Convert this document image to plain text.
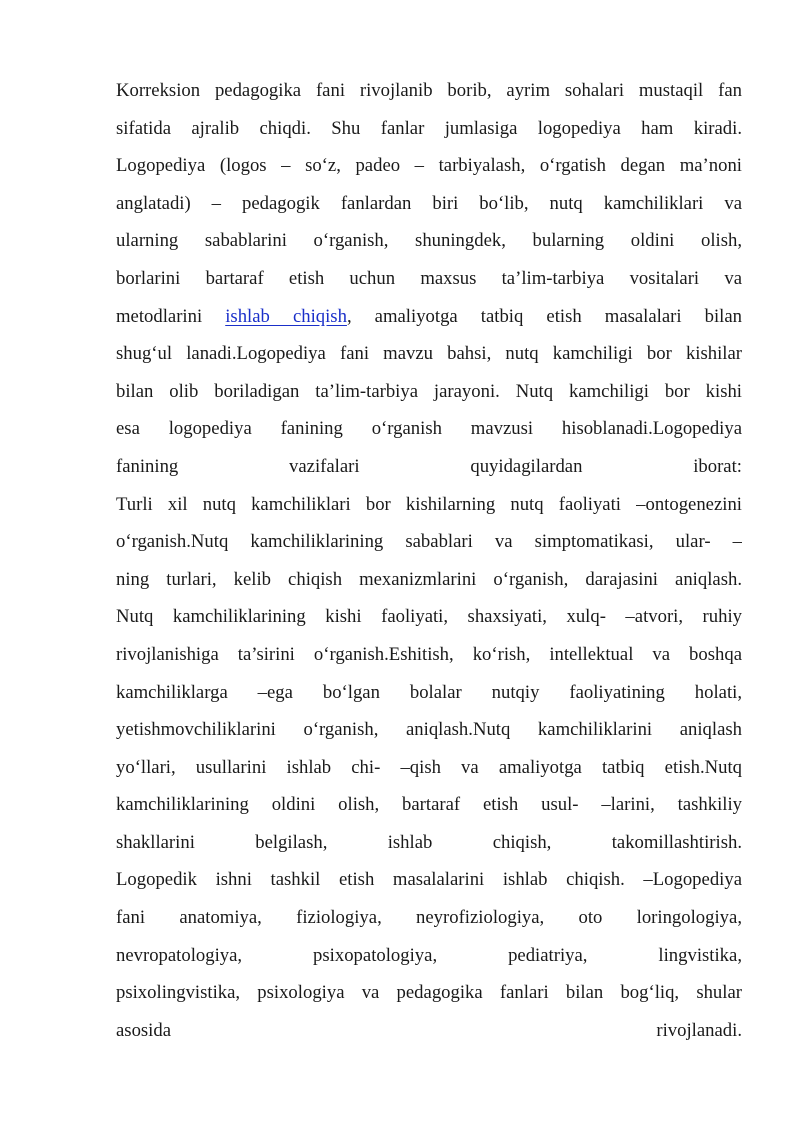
Korreksion pedagogika fani rivojlanib borib, ayrim sohalari mustaqil fan
sifatida ajralib chiqdi. Shu fanlar jumlasiga logopediya ham kiradi.
Logopediya (logos – so‘z, padeo – tarbiyalash, o‘rgatish degan ma’noni
anglatadi) – pedagogik fanlardan biri bo‘lib, nutq kamchiliklari va
ularning sabablarini o‘rganish, shuningdek, bularning oldini olish,
borlarini bartaraf etish uchun maxsus ta’lim-tarbiya vositalari va
metodlarini ishlab chiqish, amaliyotga tatbiq etish masalalari bilan
shug‘ul lanadi.Logopediya fani mavzu bahsi, nutq kamchiligi bor kishilar
bilan olib boriladigan ta’lim-tarbiya jarayoni. Nutq kamchiligi bor kishi
esa logopediya fanining o‘rganish mavzusi hisoblanadi.Logopediya
fanining vazifalari quyidagilardan iborat:
Turli xil nutq kamchiliklari bor kishilarning nutq faoliyati –ontogenezini
o‘rganish.Nutq kamchiliklarining sabablari va simptomatikasi, ular- –
ning turlari, kelib chiqish mexanizmlarini o‘rganish, darajasini aniqlash.
Nutq kamchiliklarining kishi faoliyati, shaxsiyati, xulq- –atvori, ruhiy
rivojlanishiga ta’sirini o‘rganish.Eshitish, ko‘rish, intellektual va boshqa
kamchiliklarga –ega bo‘lgan bolalar nutqiy faoliyatining holati,
yetishmovchiliklarini o‘rganish, aniqlash.Nutq kamchiliklarini aniqlash
yo‘llari, usullarini ishlab chi- –qish va amaliyotga tatbiq etish.Nutq
kamchiliklarining oldini olish, bartaraf etish usul- –larini, tashkiliy
shakllarini belgilash, ishlab chiqish, takomillashtirish.
Logopedik ishni tashkil etish masalalarini ishlab chiqish. –Logopediya
fani anatomiya, fiziologiya, neyrofiziologiya, oto loringologiya,
nevropatologiya, psixopatologiya, pediatriya, lingvistika,
psixolingvistika, psixologiya va pedagogika fanlari bilan bog‘liq, shular
asosida rivojlanadi.
